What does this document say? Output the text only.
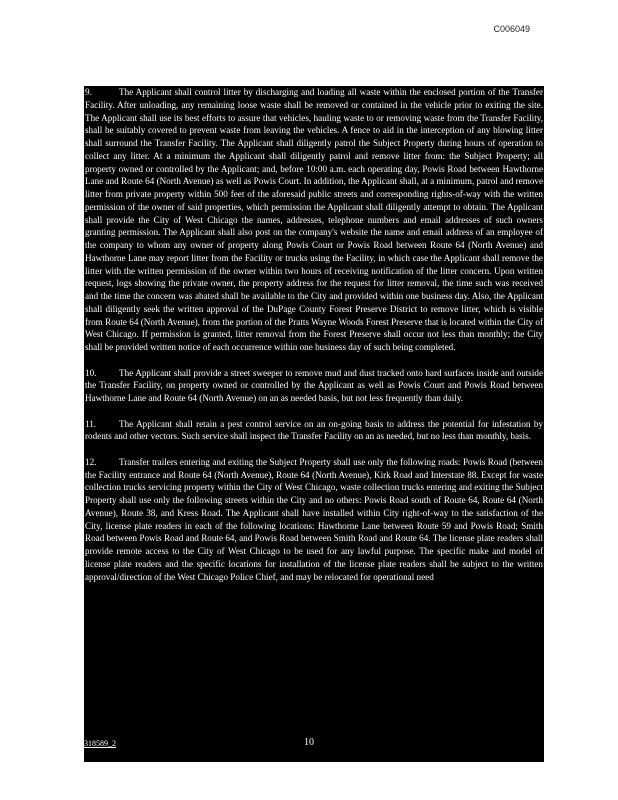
C006049

9.	The Applicant shall control litter by discharging and loading all waste within the enclosed portion of the Transfer Facility. After unloading, any remaining loose waste shall be removed or contained in the vehicle prior to exiting the site. The Applicant shall use its best efforts to assure that vehicles, hauling waste to or removing waste from the Transfer Facility, shall be suitably covered to prevent waste from leaving the vehicles. A fence to aid in the interception of any blowing litter shall surround the Transfer Facility. The Applicant shall diligently patrol the Subject Property during hours of operation to collect any litter. At a minimum the Applicant shall diligently patrol and remove litter from: the Subject Property; all property owned or controlled by the Applicant; and, before 10:00 a.m. each operating day, Powis Road between Hawthorne Lane and Route 64 (North Avenue) as well as Powis Court. In addition, the Applicant shall, at a minimum, patrol and remove litter from private property within 500 feet of the aforesaid public streets and corresponding rights-of-way with the written permission of the owner of said properties, which permission the Applicant shall diligently attempt to obtain. The Applicant shall provide the City of West Chicago the names, addresses, telephone numbers and email addresses of such owners granting permission. The Applicant shall also post on the company's website the name and email address of an employee of the company to whom any owner of property along Powis Court or Powis Road between Route 64 (North Avenue) and Hawthorne Lane may report litter from the Facility or trucks using the Facility, in which case the Applicant shall remove the litter with the written permission of the owner within two hours of receiving notification of the litter concern. Upon written request, logs showing the private owner, the property address for the request for litter removal, the time such was received and the time the concern was abated shall be available to the City and provided within one business day. Also, the Applicant shall diligently seek the written approval of the DuPage County Forest Preserve District to remove litter, which is visible from Route 64 (North Avenue), from the portion of the Pratts Wayne Woods Forest Preserve that is located within the City of West Chicago. If permission is granted, litter removal from the Forest Preserve shall occur not less than monthly; the City shall be provided written notice of each occurrence within one business day of such being completed.

10. The Applicant shall provide a street sweeper to remove mud and dust tracked onto hard surfaces inside and outside the Transfer Facility, on property owned or controlled by the Applicant as well as Powis Court and Powis Road between Hawthorne Lane and Route 64 (North Avenue) on an as needed basis, but not less frequently than daily.

11.	The Applicant shall retain a pest control service on an on-going basis to address the potential for infestation by rodents and other vectors. Such service shall inspect the Transfer Facility on an as needed, but no less than monthly, basis.

12. Transfer trailers entering and exiting the Subject Property shall use only the following roads: Powis Road (between the Facility entrance and Route 64 (North Avenue), Route 64 (North Avenue), Kirk Road and Interstate 88. Except for waste collection trucks servicing property within the City of West Chicago, waste collection trucks entering and exiting the Subject Property shall use only the following streets within the City and no others: Powis Road south of Route 64, Route 64 (North Avenue), Route 38, and Kress Road. The Applicant shall have installed within City right-of-way to the satisfaction of the City, license plate readers in each of the following locations: Hawthorne Lane between Route 59 and Powis Road; Smith Road between Powis Road and Route 64, and Powis Road between Smith Road and Route 64. The license plate readers shall provide remote access to the City of West Chicago to be used for any lawful purpose. The specific make and model of license plate readers and the specific locations for installation of the license plate readers shall be subject to the written approval/direction of the West Chicago Police Chief, and may be relocated for operational need

318589_2	10
